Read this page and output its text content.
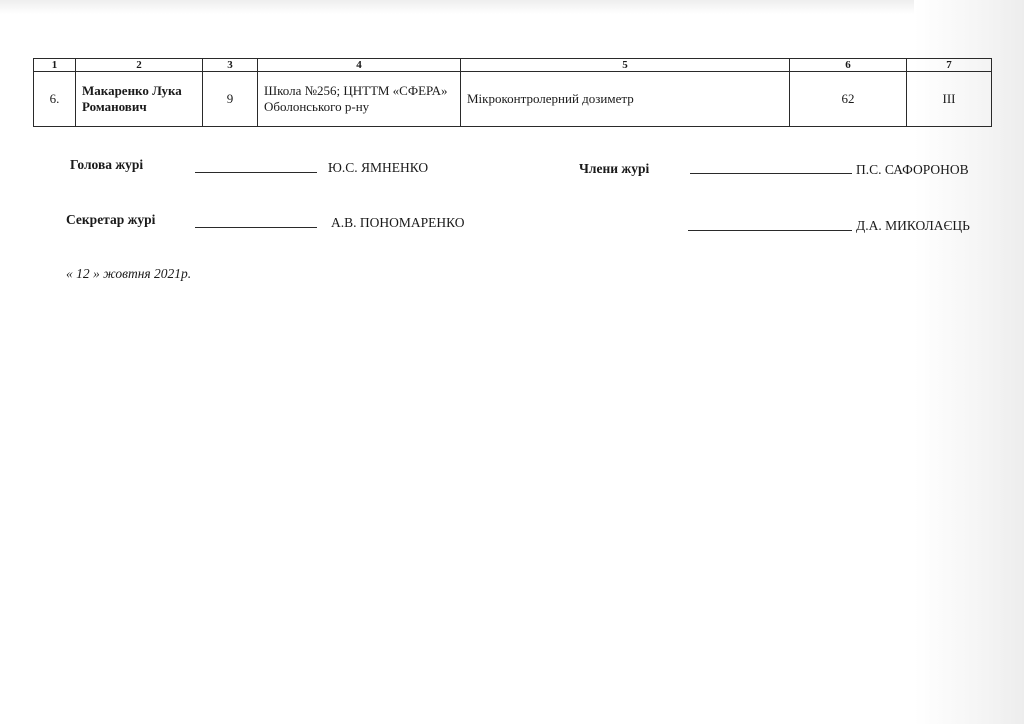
1	2	3	4	5	6	7
6.	Макаренко Лука Романович	9	Школа №256; ЦНТТМ «СФЕРА» Оболонського р-ну	Мікроконтролерний дозиметр	62	ІІІ
Голова журі	Ю.С. ЯМНЕНКО	Члени журі	П.С. САФОРОНОВ
Секретар журі	А.В. ПОНОМАРЕНКО	Д.А. МИКОЛАЄЦЬ
« 12 » жовтня 2021р.
